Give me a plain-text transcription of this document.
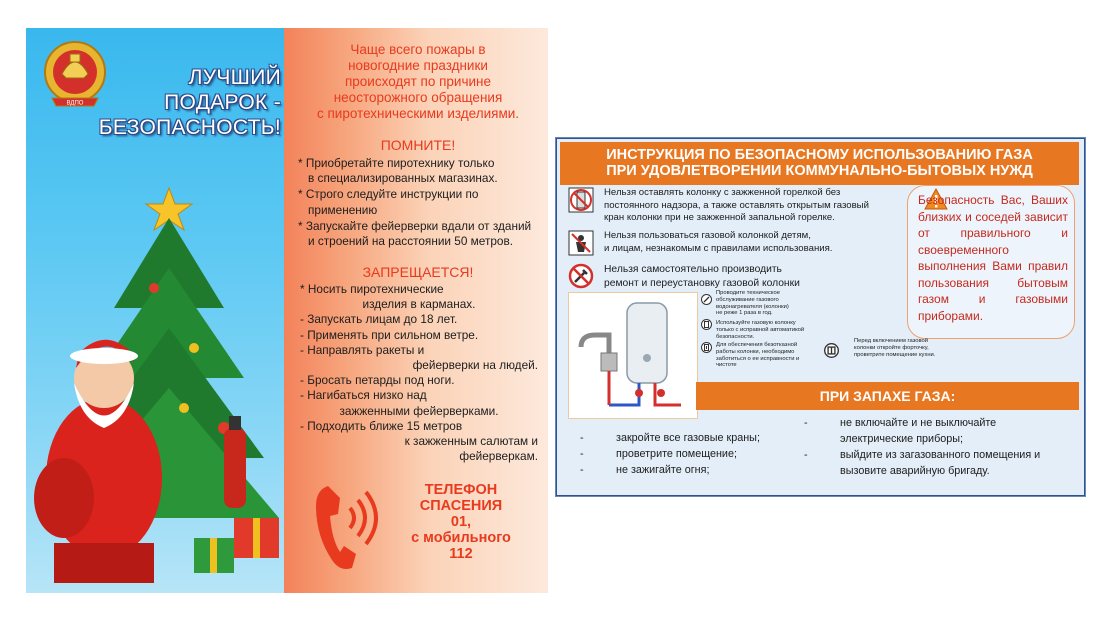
ВДПО
ЛУЧШИЙ
ПОДАРОК -
БЕЗОПАСНОСТЬ!
Чаще всего пожары в
новогодние праздники
происходят по причине
неосторожного обращения
с пиротехническими изделиями.
ПОМНИТЕ!

* Приобретайте пиротехнику только
в специализированных магазинах.

* Строго следуйте инструкции по
применению

* Запускайте фейерверки вдали от зданий
и строений на расстоянии 50 метров.

ЗАПРЕЩАЕТСЯ!

* Носить пиротехнические

изделия в карманах.

- Запускать лицам до 18 лет.

- Применять при сильном ветре.

- Направлять ракеты и

фейерверки на людей.

- Бросать петарды под ноги.

- Нагибаться низко над

зажженными фейерверками.

- Подходить ближе 15 метров

к зажженным салютам и

фейерверкам.

ТЕЛЕФОН
СПАСЕНИЯ
01,
с мобильного
112
ИНСТРУКЦИЯ ПО БЕЗОПАСНОМУ ИСПОЛЬЗОВАНИЮ ГАЗА
ПРИ УДОВЛЕТВОРЕНИИ КОММУНАЛЬНО-БЫТОВЫХ НУЖД
Нельзя оставлять колонку с зажженной горелкой без
постоянного надзора, а также оставлять открытым газовый
кран колонки при не зажженной запальной горелке.
Нельзя пользоваться газовой колонкой детям,
и лицам, незнакомым с правилами использования.
Нельзя самостоятельно производить
ремонт и переустановку газовой колонки
Безопасность Вас, Ваших близких и соседей зависит от правильного и своевременного выполнения Вами правил пользования бытовым газом и газовыми приборами.
Проводите техническое
обслуживание газового
водонагревателя (колонки)
не реже 1 раза в год.
Используйте газовую колонку
только с исправной автоматикой
безопасности.
Для обеспечения безотказной
работы колонки, необходимо
заботиться о ее исправности и
чистоте
Перед включением газовой
колонки откройте форточку,
проветрите помещение кухни.
ПРИ ЗАПАХЕ ГАЗА:
-	закройте все газовые краны;
-	проветрите помещение;
-	не зажигайте огня;
-	не включайте и не выключайте
электрические приборы;
-	выйдите из загазованного помещения и
вызовите аварийную бригаду.
